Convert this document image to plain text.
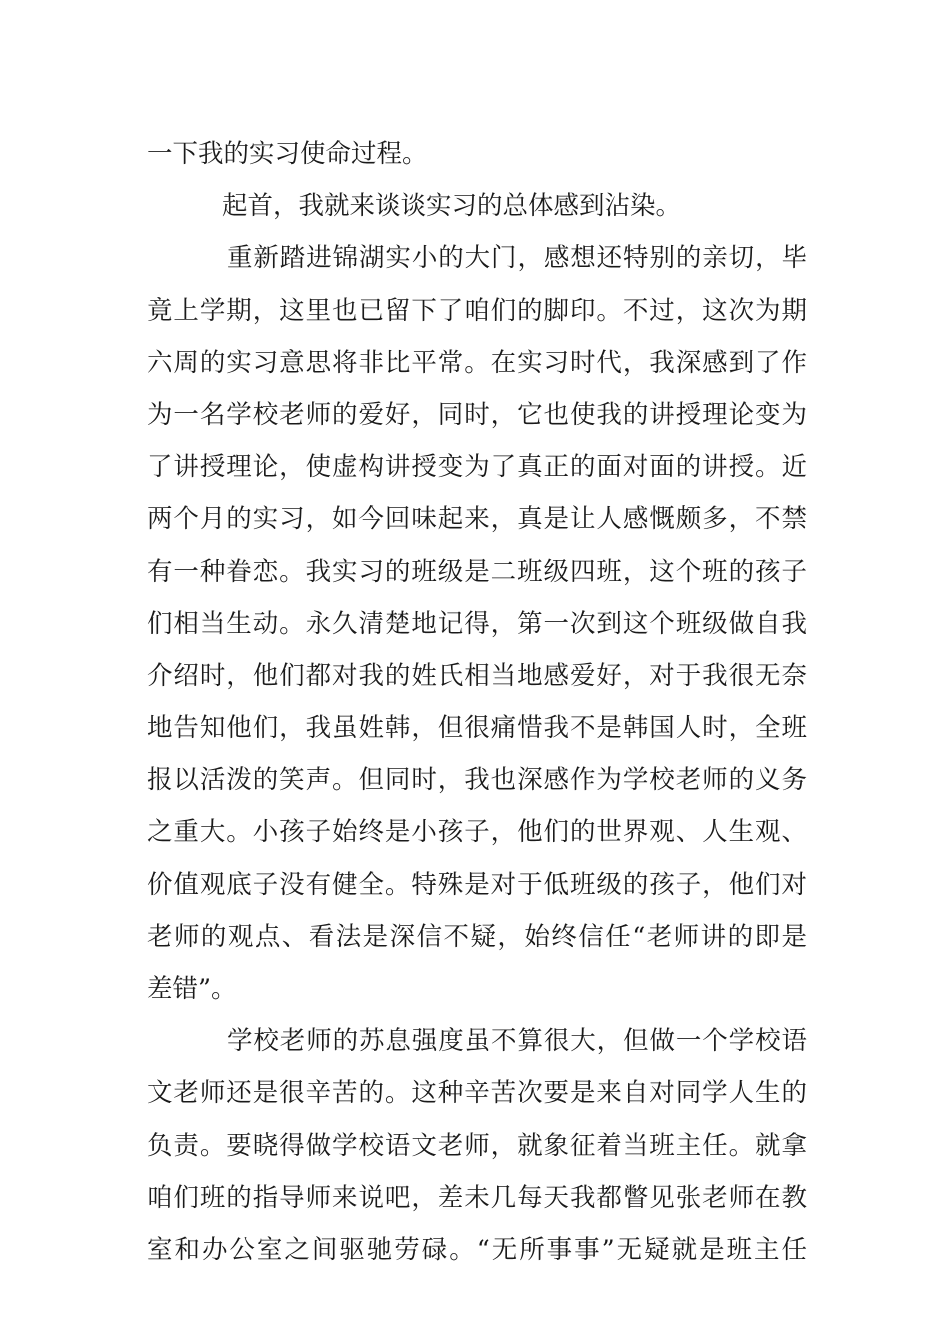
一下我的实习使命过程。
起首，我就来谈谈实习的总体感到沾染。
重新踏进锦湖实小的大门，感想还特别的亲切，毕
竟上学期，这里也已留下了咱们的脚印。不过，这次为期
六周的实习意思将非比平常。在实习时代，我深感到了作
为一名学校老师的爱好，同时，它也使我的讲授理论变为
了讲授理论，使虚构讲授变为了真正的面对面的讲授。近
两个月的实习，如今回味起来，真是让人感慨颇多，不禁
有一种眷恋。我实习的班级是二班级四班，这个班的孩子
们相当生动。永久清楚地记得，第一次到这个班级做自我
介绍时，他们都对我的姓氏相当地感爱好，对于我很无奈
地告知他们，我虽姓韩，但很痛惜我不是韩国人时，全班
报以活泼的笑声。但同时，我也深感作为学校老师的义务
之重大。小孩子始终是小孩子，他们的世界观、人生观、
价值观底子没有健全。特殊是对于低班级的孩子，他们对
老师的观点、看法是深信不疑，始终信任“老师讲的即是
差错”。
学校老师的苏息强度虽不算很大，但做一个学校语
文老师还是很辛苦的。这种辛苦次要是来自对同学人生的
负责。要晓得做学校语文老师，就象征着当班主任。就拿
咱们班的指导师来说吧，差未几每天我都瞥见张老师在教
室和办公室之间驱驰劳碌。“无所事事”无疑就是班主任
